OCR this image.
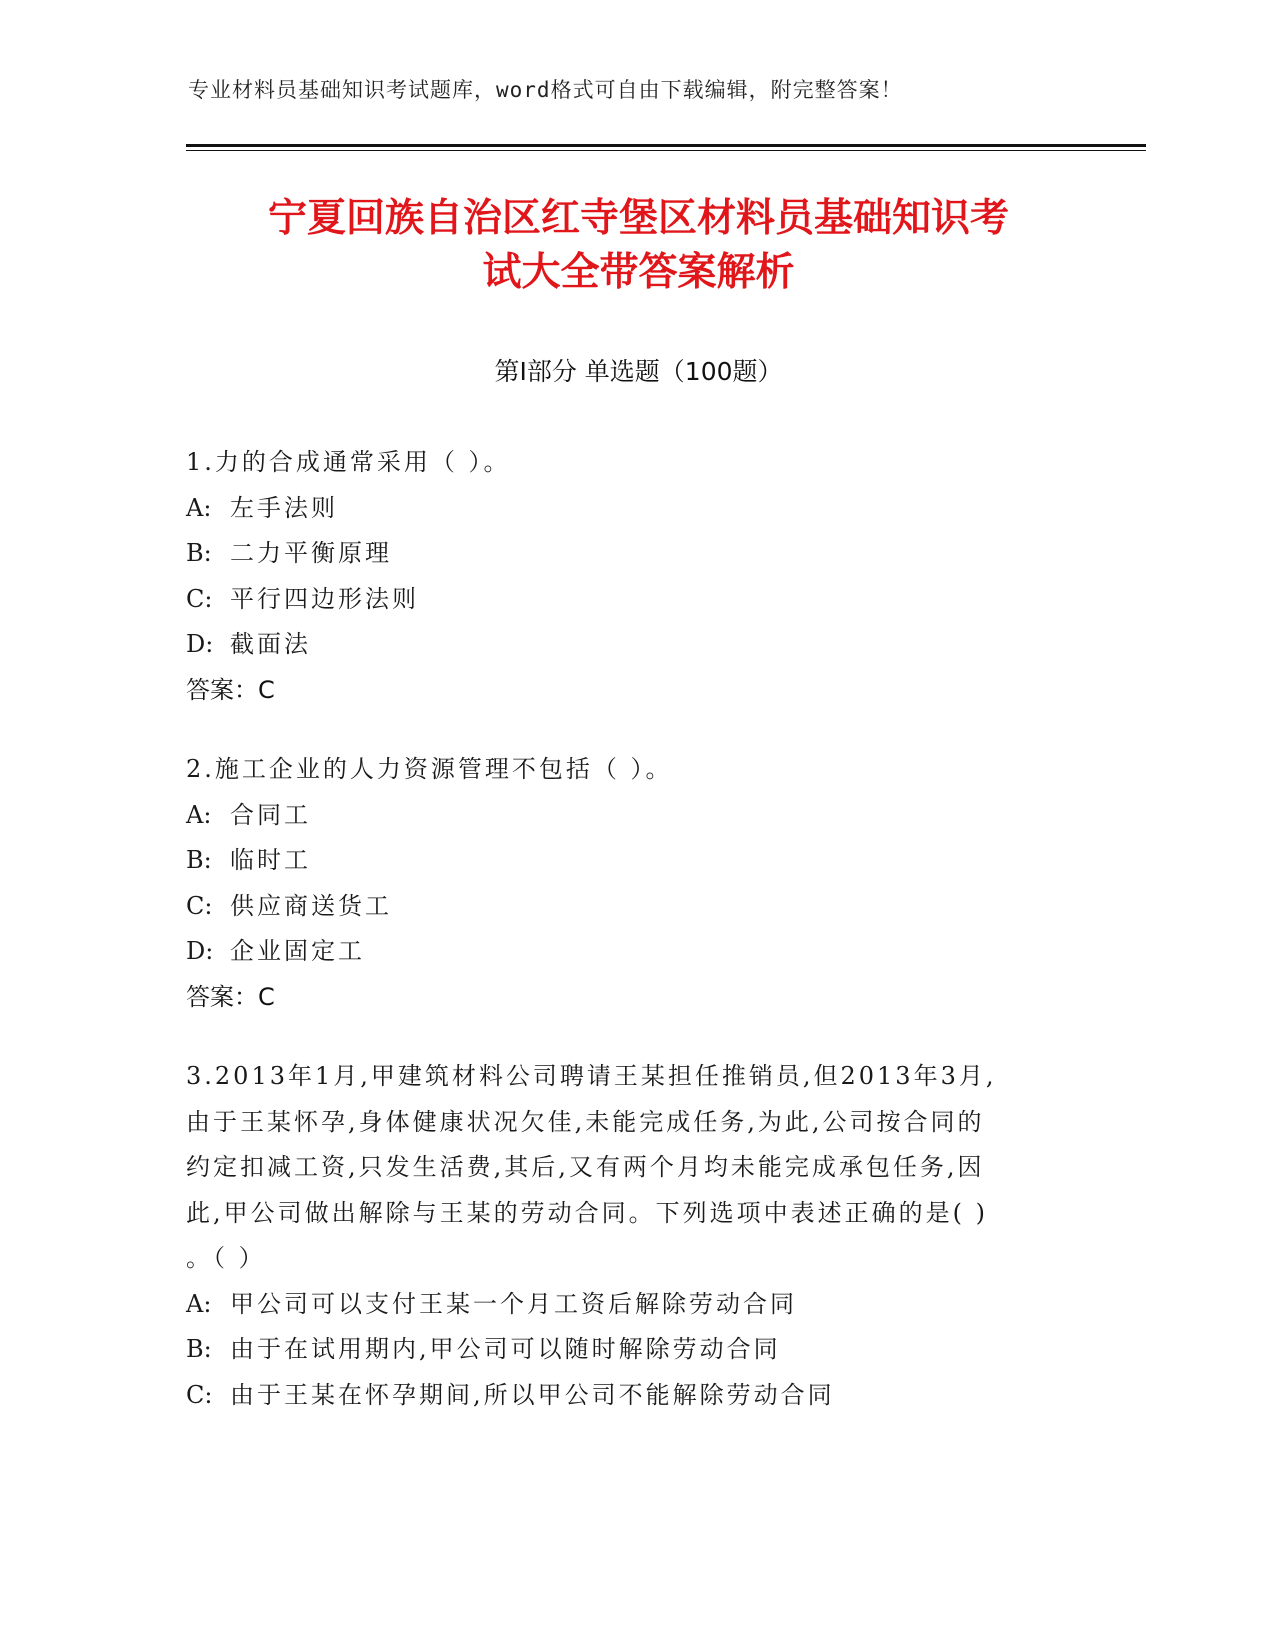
专业材料员基础知识考试题库，word格式可自由下载编辑，附完整答案！
宁夏回族自治区红寺堡区材料员基础知识考
试大全带答案解析
第Ⅰ部分 单选题（100题）
1.力的合成通常采用（ ）。
A: 左手法则
B: 二力平衡原理
C: 平行四边形法则
D: 截面法
答案：C
2.施工企业的人力资源管理不包括（ ）。
A: 合同工
B: 临时工
C: 供应商送货工
D: 企业固定工
答案：C
3.2013年1月,甲建筑材料公司聘请王某担任推销员,但2013年3月,
由于王某怀孕,身体健康状况欠佳,未能完成任务,为此,公司按合同的
约定扣减工资,只发生活费,其后,又有两个月均未能完成承包任务,因
此,甲公司做出解除与王某的劳动合同。下列选项中表述正确的是( )
。（ ）
A: 甲公司可以支付王某一个月工资后解除劳动合同
B: 由于在试用期内,甲公司可以随时解除劳动合同
C: 由于王某在怀孕期间,所以甲公司不能解除劳动合同
